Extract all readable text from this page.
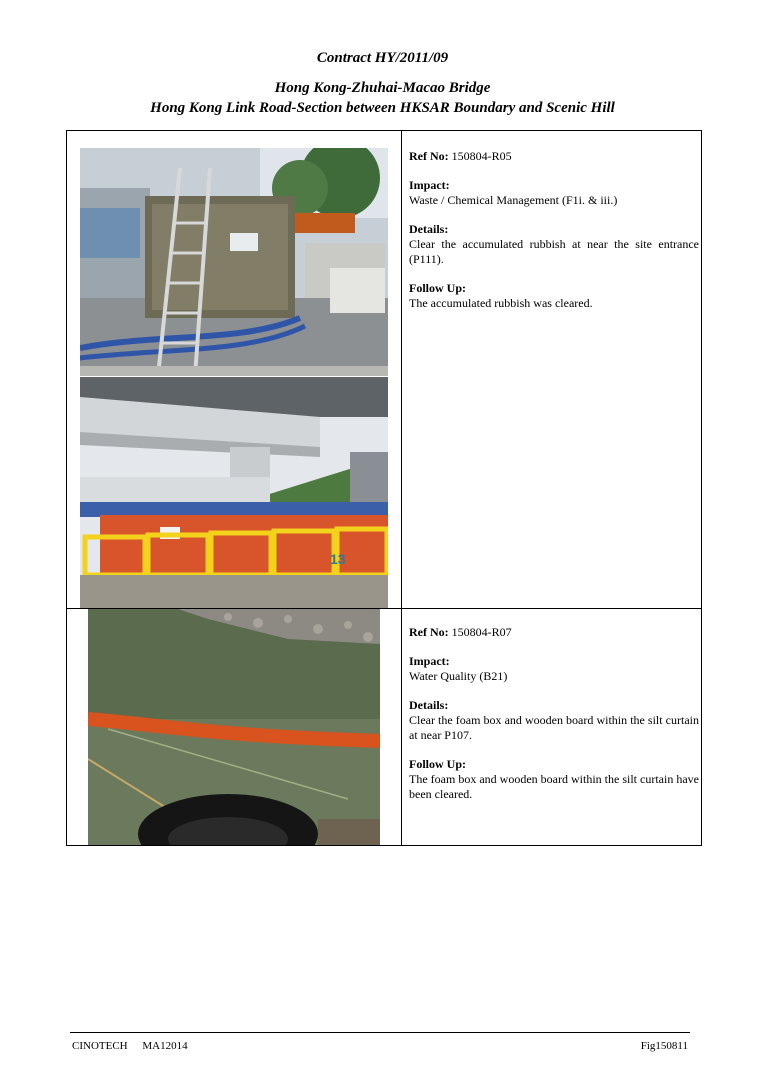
Contract HY/2011/09
Hong Kong-Zhuhai-Macao Bridge
Hong Kong Link Road-Section between HKSAR Boundary and Scenic Hill
13
Ref No: 150804-R05
Impact:

Waste / Chemical Management (F1i. & iii.)

Details:

Clear the accumulated rubbish at near the site entrance (P111).

Follow Up:

The accumulated rubbish was cleared.

Ref No: 150804-R07
Impact:

Water Quality (B21)

Details:

Clear the foam box and wooden board within the silt curtain at near P107.

Follow Up:

The foam box and wooden board within the silt curtain have been cleared.

CINOTECH MA12014	Fig150811
